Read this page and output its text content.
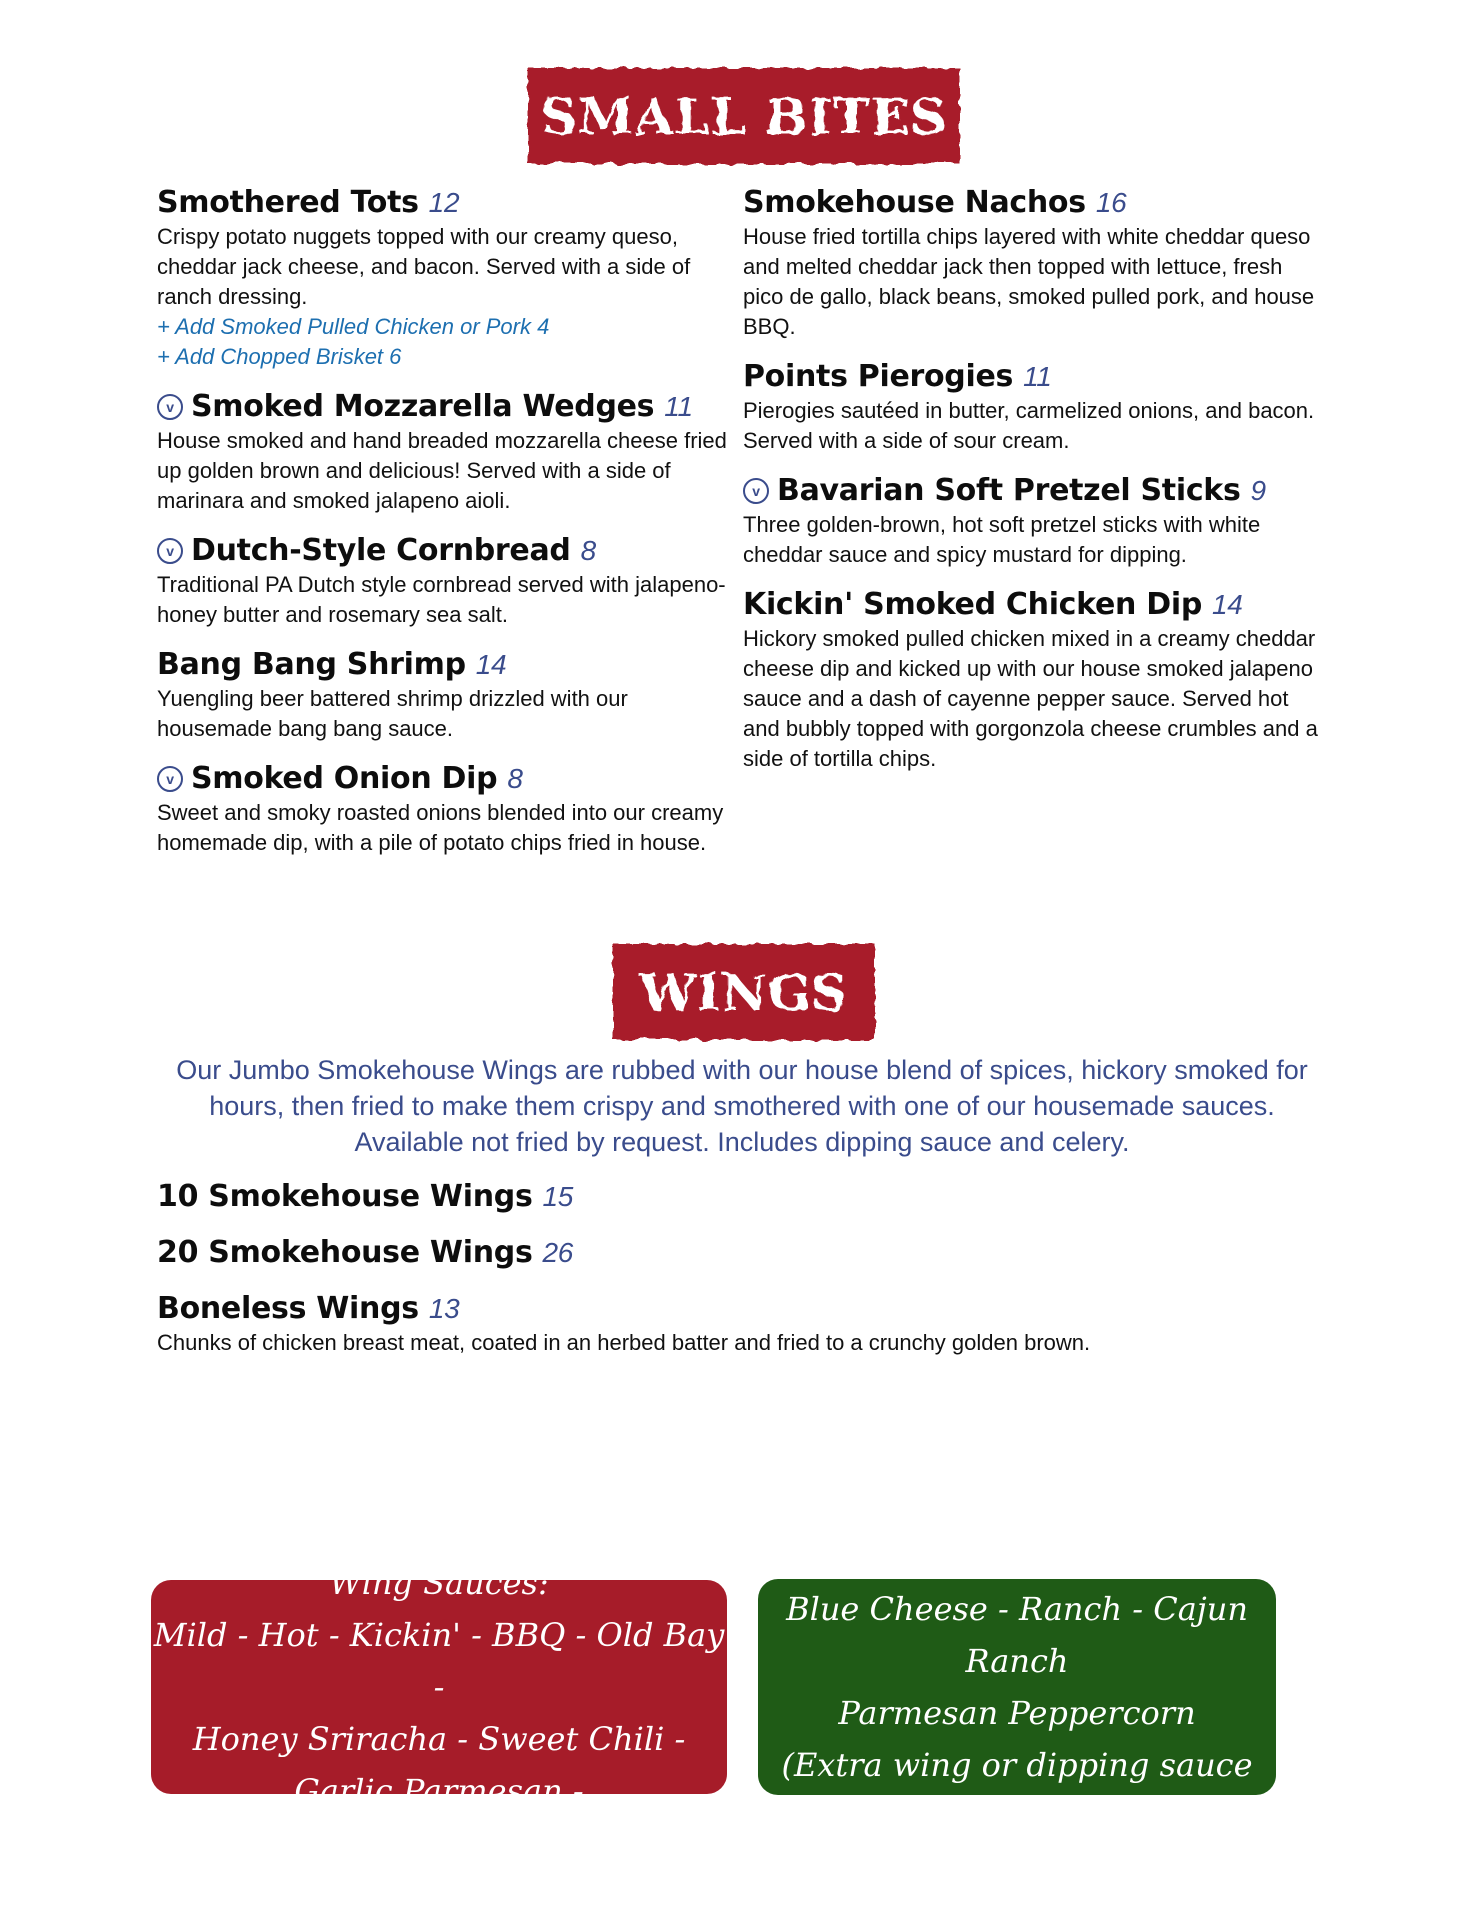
SMALL BITES
Smothered Tots 12
Crispy potato nuggets topped with our creamy queso, cheddar jack cheese, and bacon. Served with a side of ranch dressing.
+ Add Smoked Pulled Chicken or Pork 4
+ Add Chopped Brisket 6
v Smoked Mozzarella Wedges 11
House smoked and hand breaded mozzarella cheese fried up golden brown and delicious! Served with a side of marinara and smoked jalapeno aioli.
v Dutch-Style Cornbread 8
Traditional PA Dutch style cornbread served with jalapeno-honey butter and rosemary sea salt.
Bang Bang Shrimp 14
Yuengling beer battered shrimp drizzled with our housemade bang bang sauce.
v Smoked Onion Dip 8
Sweet and smoky roasted onions blended into our creamy homemade dip, with a pile of potato chips fried in house.
Smokehouse Nachos 16
House fried tortilla chips layered with white cheddar queso and melted cheddar jack then topped with lettuce, fresh pico de gallo, black beans, smoked pulled pork, and house BBQ.
Points Pierogies 11
Pierogies sautéed in butter, carmelized onions, and bacon. Served with a side of sour cream.
v Bavarian Soft Pretzel Sticks 9
Three golden-brown, hot soft pretzel sticks with white cheddar sauce and spicy mustard for dipping.
Kickin' Smoked Chicken Dip 14
Hickory smoked pulled chicken mixed in a creamy cheddar cheese dip and kicked up with our house smoked jalapeno sauce and a dash of cayenne pepper sauce. Served hot and bubbly topped with gorgonzola cheese crumbles and a side of tortilla chips.
WINGS
Our Jumbo Smokehouse Wings are rubbed with our house blend of spices, hickory smoked for
hours, then fried to make them crispy and smothered with one of our housemade sauces.
Available not fried by request. Includes dipping sauce and celery.
10 Smokehouse Wings 15
20 Smokehouse Wings 26
Boneless Wings 13
Chunks of chicken breast meat, coated in an herbed batter and fried to a crunchy golden brown.
Wing Sauces:
Mild - Hot - Kickin' - BBQ - Old Bay -
Honey Sriracha - Sweet Chili -
Garlic Parmesan -
Dipping Sauces:
Blue Cheese - Ranch - Cajun Ranch
Parmesan Peppercorn
(Extra wing or dipping sauce .50)
